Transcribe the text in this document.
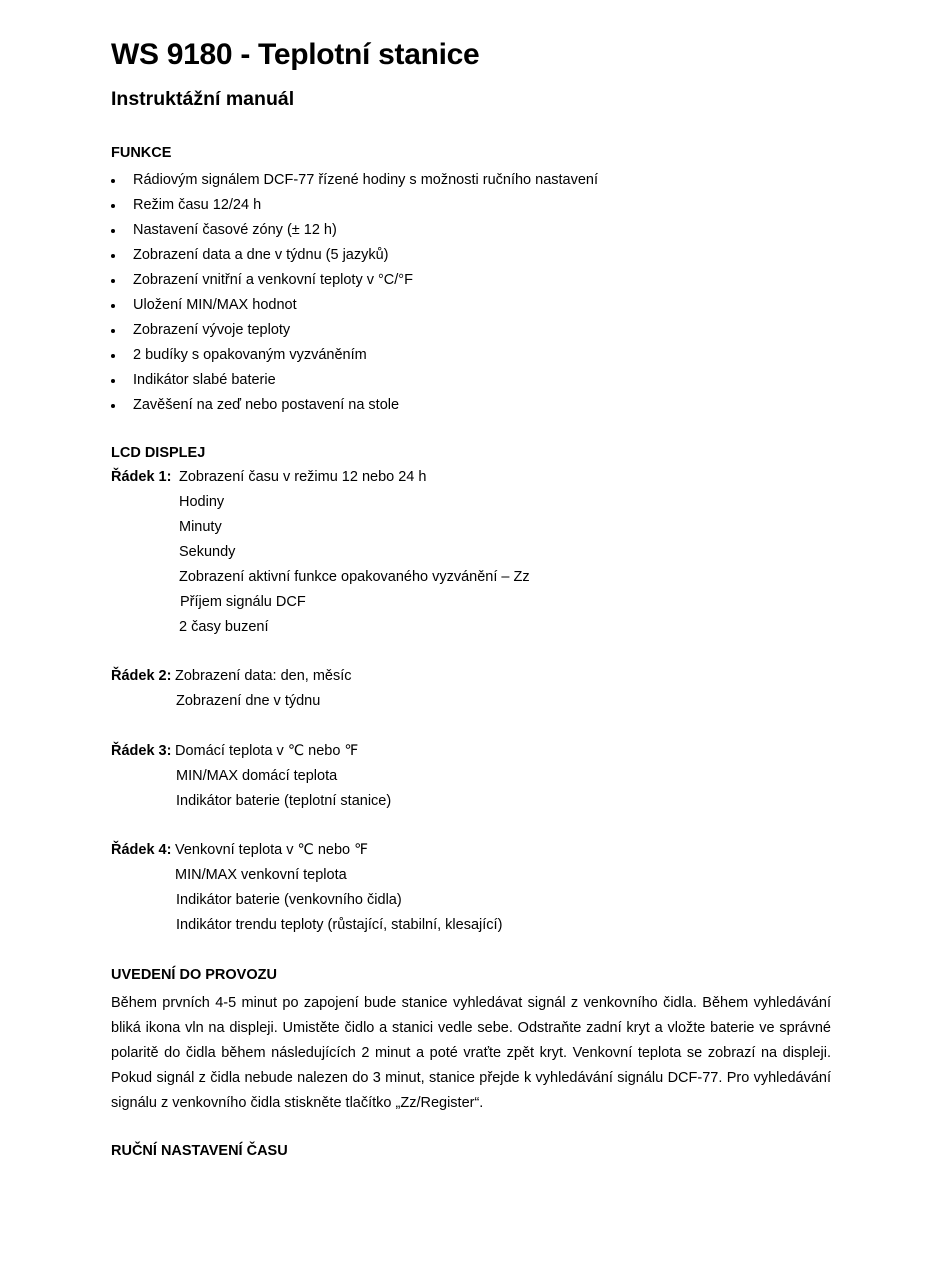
WS 9180 - Teplotní stanice
Instruktážní manuál
FUNKCE
Rádiovým signálem DCF-77 řízené hodiny s možnosti ručního nastavení
Režim času 12/24 h
Nastavení časové zóny (± 12 h)
Zobrazení data a dne v týdnu (5 jazyků)
Zobrazení vnitřní a venkovní teploty v °C/°F
Uložení MIN/MAX hodnot
Zobrazení vývoje teploty
2 budíky s opakovaným vyzváněním
Indikátor slabé baterie
Zavěšení na zeď nebo postavení na stole
LCD DISPLEJ
Řádek 1: Zobrazení času v režimu 12 nebo 24 h
Hodiny
Minuty
Sekundy
Zobrazení aktivní funkce opakovaného vyzvánění – Zz
Příjem signálu DCF
2 časy buzení
Řádek 2: Zobrazení data: den, měsíc
Zobrazení dne v týdnu
Řádek 3: Domácí teplota v ℃ nebo ℉
MIN/MAX domácí teplota
Indikátor baterie (teplotní stanice)
Řádek 4: Venkovní teplota v ℃ nebo ℉
MIN/MAX venkovní teplota
Indikátor baterie (venkovního čidla)
Indikátor trendu teploty (růstající, stabilní, klesající)
UVEDENÍ DO PROVOZU

Během prvních 4-5 minut po zapojení bude stanice vyhledávat signál z venkovního čidla. Během vyhledávání bliká ikona vln na displeji. Umistěte čidlo a stanici vedle sebe. Odstraňte zadní kryt a vložte baterie ve správné polaritě do čidla během následujících 2 minut a poté vraťte zpět kryt. Venkovní teplota se zobrazí na displeji. Pokud signál z čidla nebude nalezen do 3 minut, stanice přejde k vyhledávání signálu DCF-77. Pro vyhledávání signálu z venkovního čidla stiskněte tlačítko „Zz/Register“.

RUČNÍ NASTAVENÍ ČASU
